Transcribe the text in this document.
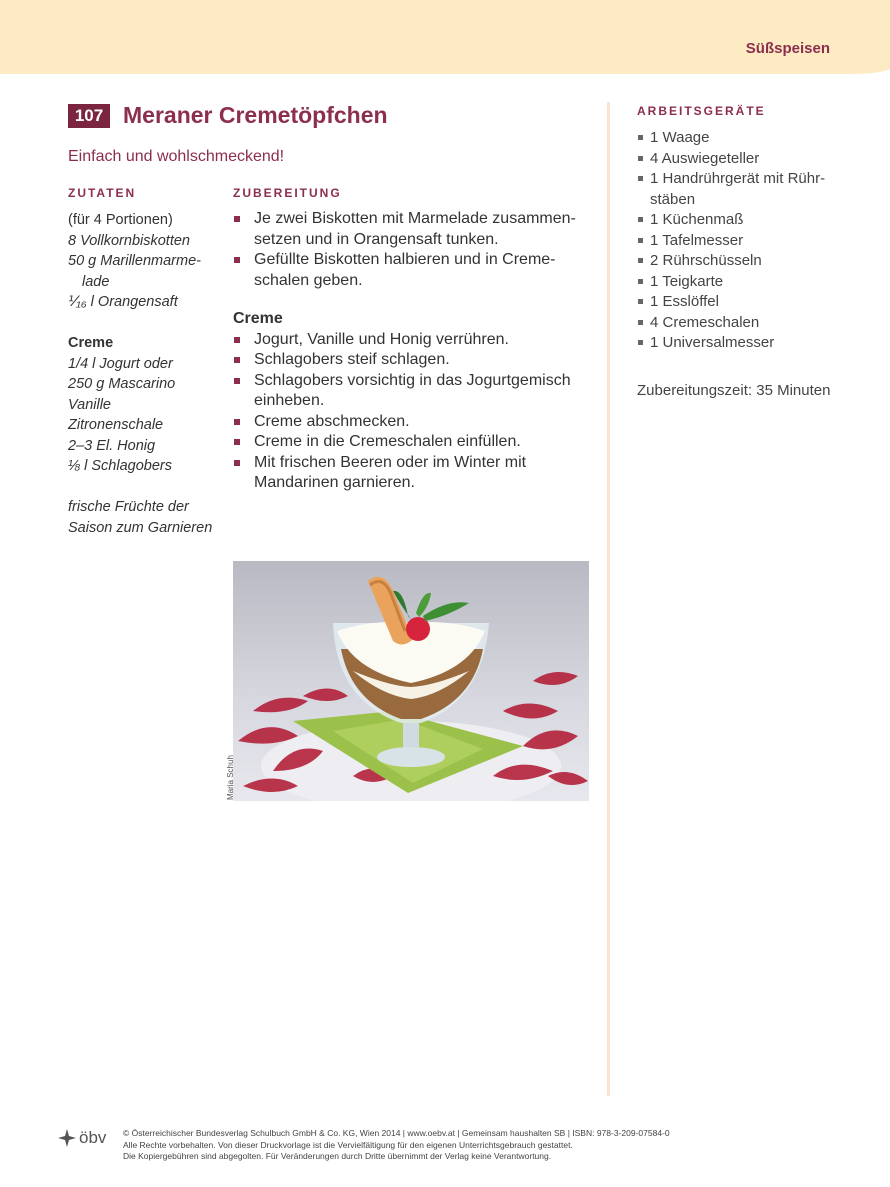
Süßspeisen
107 Meraner Cremetöpfchen
Einfach und wohlschmeckend!
ZUTATEN

(für 4 Portionen)

8 Vollkornbiskotten

50 g Marillenmarme-

lade

⅟₁₆ l Orangensaft

Creme

1/4 l Jogurt oder

250 g Mascarino

Vanille

Zitronenschale

2–3 El. Honig

⅛ l Schlagobers

frische Früchte der

Saison zum Garnieren

ZUBEREITUNG
Je zwei Biskotten mit Marmelade zusammen-setzen und in Orangensaft tunken.
Gefüllte Biskotten halbieren und in Creme-schalen geben.

Creme

Jogurt, Vanille und Honig verrühren.
Schlagobers steif schlagen.
Schlagobers vorsichtig in das Jogurtgemisch einheben.
Creme abschmecken.
Creme in die Cremeschalen einfüllen.
Mit frischen Beeren oder im Winter mit Mandarinen garnieren.
ARBEITSGERÄTE
1 Waage
4 Auswiegeteller
1 Handrührgerät mit Rühr-stäben
1 Küchenmaß
1 Tafelmesser
2 Rührschüsseln
1 Teigkarte
1 Esslöffel
4 Cremeschalen
1 Universalmesser
Zubereitungszeit: 35 Minuten
Maria Schuh
öbv © Österreichischer Bundesverlag Schulbuch GmbH & Co. KG, Wien 2014 | www.oebv.at | Gemeinsam haushalten SB | ISBN: 978-3-209-07584-0

Alle Rechte vorbehalten. Von dieser Druckvorlage ist die Vervielfältigung für den eigenen Unterrichtsgebrauch gestattet.

Die Kopiergebühren sind abgegolten. Für Veränderungen durch Dritte übernimmt der Verlag keine Verantwortung.
